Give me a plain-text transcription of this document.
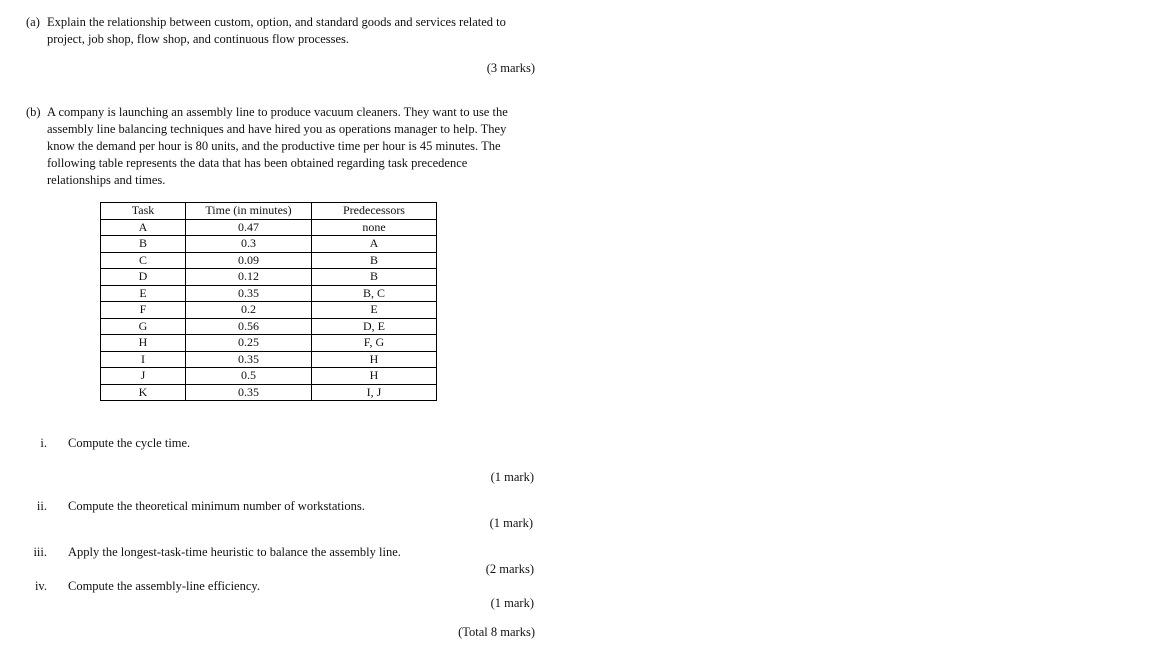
(a) Explain the relationship between custom, option, and standard goods and services related to
project, job shop, flow shop, and continuous flow processes.
(3 marks)
(b) A company is launching an assembly line to produce vacuum cleaners. They want to use the
assembly line balancing techniques and have hired you as operations manager to help. They
know the demand per hour is 80 units, and the productive time per hour is 45 minutes. The
following table represents the data that has been obtained regarding task precedence
relationships and times.
Task	Time (in minutes)	Predecessors
A	0.47	none
B	0.3	A
C	0.09	B
D	0.12	B
E	0.35	B, C
F	0.2	E
G	0.56	D, E
H	0.25	F, G
I	0.35	H
J	0.5	H
K	0.35	I, J
i. Compute the cycle time.
(1 mark)
ii. Compute the theoretical minimum number of workstations.
(1 mark)
iii. Apply the longest-task-time heuristic to balance the assembly line.
(2 marks)
iv. Compute the assembly-line efficiency.
(1 mark)
(Total 8 marks)
